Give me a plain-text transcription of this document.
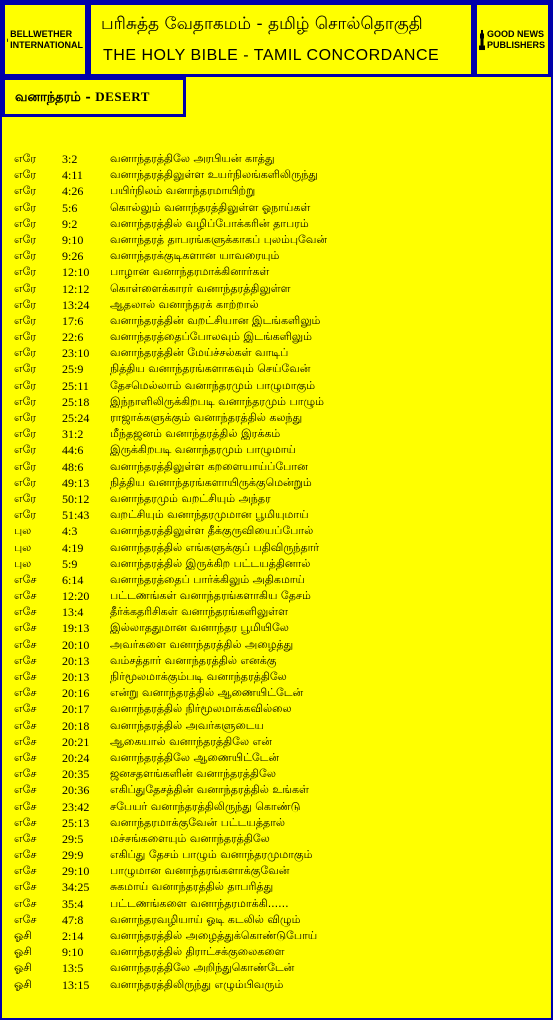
BELLWETHER INTERNATIONAL
பரிசுத்த வேதாகமம் - தமிழ் சொல்தொகுதி
THE HOLY BIBLE - TAMIL CONCORDANCE
GOOD NEWS PUBLISHERS
வனாந்தரம் - DESERT
எரே 3:2	வனாந்தரத்திலே அரபியன் காத்து
எரே 4:11 வனாந்தரத்திலுள்ள உயர்நிலங்களிலிருந்து
எரே 4:26 பயிர்நிலம் வனாந்தரமாயிற்று
எரே 5:6	கொல்லும் வனாந்தரத்திலுள்ள ஓநாய்கள்
எரே 9:2	வனாந்தரத்தில் வழிப்போக்கரின் தாபரம்
எரே 9:10 வனாந்தரத் தாபரங்களுக்காகப் புலம்புவேன்
எரே 9:26 வனாந்தரக்குடிகளான யாவரையும்
எரே 12:10 பாழான வனாந்தரமாக்கினார்கள்
எரே 12:12 கொள்ளைக்காரர் வனாந்தரத்திலுள்ள
எரே 13:24 ஆதலால் வனாந்தரக் காற்றால்
எரே 17:6 வனாந்தரத்தின் வறட்சியான இடங்களிலும்
எரே 22:6 வனாந்தரத்தைப்போலவும் இடங்களிலும்
எரே 23:10 வனாந்தரத்தின் மேய்ச்சல்கள் வாடிப்
எரே 25:9 நித்திய வனாந்தரங்களாகவும் செய்வேன்
எரே 25:11 தேசமெல்லாம் வனாந்தரமும் பாழுமாகும்
எரே 25:18 இந்நாளிலிருக்கிறபடி வனாந்தரமும் பாழும்
எரே 25:24 ராஜாக்களுக்கும் வனாந்தரத்தில் கலந்து
எரே 31:2 மீந்தஜனம் வனாந்தரத்தில் இரக்கம்
எரே 44:6 இருக்கிறபடி வனாந்தரமும் பாழுமாய்
எரே 48:6 வனாந்தரத்திலுள்ள கறளையாய்ப்போன
எரே 49:13 நித்திய வனாந்தரங்களாயிருக்குமென்றும்
எரே 50:12 வனாந்தரமும் வறட்சியும் அந்தர
எரே 51:43 வறட்சியும் வனாந்தரமுமான பூமியுமாய்
புல	4:3	வனாந்தரத்திலுள்ள தீக்குருவியைப்போல்
புல	4:19 வனாந்தரத்தில் எங்களுக்குப் பதிவிருந்தார்
புல	5:9	வனாந்தரத்தில் இருக்கிற பட்டயத்தினால்
எசே 6:14 வனாந்தரத்தைப் பார்க்கிலும் அதிகமாய்
எசே 12:20 பட்டணங்கள் வனாந்தரங்களாகிய தேசம்
எசே 13:4 தீர்க்கதரிசிகள் வனாந்தரங்களிலுள்ள
எசே 19:13 இல்லாததுமான வனாந்தர பூமியிலே
எசே 20:10 அவர்களை வனாந்தரத்தில் அழைத்து
எசே 20:13 வம்சத்தார் வனாந்தரத்தில் எனக்கு
எசே 20:13 நிர்மூலமாக்கும்படி வனாந்தரத்திலே
எசே 20:16 என்று வனாந்தரத்தில் ஆணையிட்டேன்
எசே 20:17 வனாந்தரத்தில் நிர்மூலமாக்கவில்லை
எசே 20:18 வனாந்தரத்தில் அவர்களுடைய
எசே 20:21 ஆகையால் வனாந்தரத்திலே என்
எசே 20:24 வனாந்தரத்திலே ஆணையிட்டேன்
எசே 20:35 ஜனசதளங்களின் வனாந்தரத்திலே
எசே 20:36 எகிப்துதேசத்தின் வனாந்தரத்தில் உங்கள்
எசே 23:42 சபேயர் வனாந்தரத்திலிருந்து கொண்டு
எசே 25:13 வனாந்தரமாக்குவேன் பட்டயத்தால்
எசே 29:5 மச்சங்களையும் வனாந்தரத்திலே
எசே 29:9 எகிப்து தேசம் பாழும் வனாந்தரமுமாகும்
எசே 29:10 பாழுமான வனாந்தரங்களாக்குவேன்
எசே 34:25 சுகமாய் வனாந்தரத்தில் தாபரித்து
எசே 35:4 பட்டணங்களை வனாந்தரமாக்கி......
எசே 47:8 வனாந்தரவழியாய் ஓடி கடலில் விழும்
ஓசி	2:14 வனாந்தரத்தில் அழைத்துக்கொண்டுபோய்
ஓசி	9:10 வனாந்தரத்தில் திராட்சக்குலைகளை
ஓசி	13:5 வனாந்தரத்திலே அறிந்துகொண்டேன்
ஓசி	13:15 வனாந்தரத்திலிருந்து எழும்பிவரும்
